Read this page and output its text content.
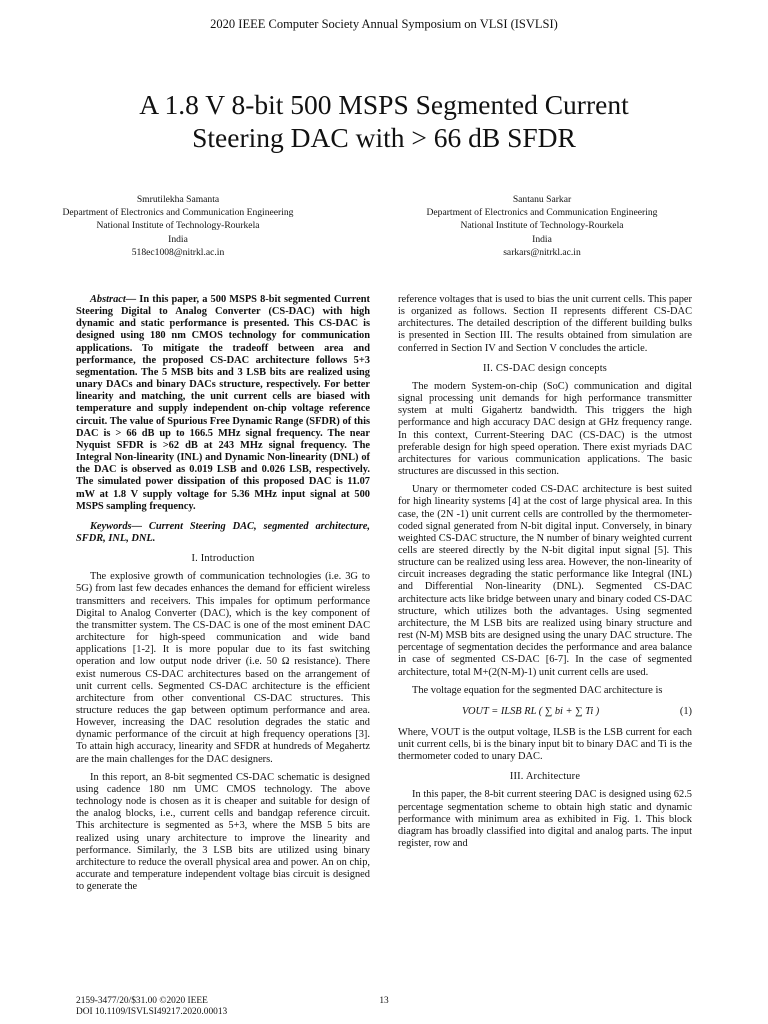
2020 IEEE Computer Society Annual Symposium on VLSI (ISVLSI)
A 1.8 V 8-bit 500 MSPS Segmented Current
Steering DAC with > 66 dB SFDR
Smrutilekha Samanta
Department of Electronics and Communication Engineering
National Institute of Technology-Rourkela
India
518ec1008@nitrkl.ac.in
Santanu Sarkar
Department of Electronics and Communication Engineering
National Institute of Technology-Rourkela
India
sarkars@nitrkl.ac.in

Abstract— In this paper, a 500 MSPS 8-bit segmented Current Steering Digital to Analog Converter (CS-DAC) with high dynamic and static performance is presented. This CS-DAC is designed using 180 nm CMOS technology for communication applications. To mitigate the tradeoff between area and performance, the proposed CS-DAC architecture follows 5+3 segmentation. The 5 MSB bits and 3 LSB bits are realized using unary DACs and binary DACs structure, respectively. For better linearity and matching, the unit current cells are biased with temperature and supply independent on-chip voltage reference circuit. The value of Spurious Free Dynamic Range (SFDR) of this DAC is > 66 dB up to 166.5 MHz signal frequency. The near Nyquist SFDR is >62 dB at 243 MHz signal frequency. The Integral Non-linearity (INL) and Dynamic Non-linearity (DNL) of the DAC is observed as 0.019 LSB and 0.026 LSB, respectively. The simulated power dissipation of this proposed DAC is 11.07 mW at 1.8 V supply voltage for 5.36 MHz input signal at 500 MSPS sampling frequency.

Keywords— Current Steering DAC, segmented architecture, SFDR, INL, DNL.

I. Introduction

The explosive growth of communication technologies (i.e. 3G to 5G) from last few decades enhances the demand for efficient wireless transmitters and receivers. This impales for optimum performance Digital to Analog Converter (DAC), which is the key component of the transmitter system. The CS-DAC is one of the most eminent DAC architecture for high-speed communication and wide band applications [1-2]. It is more popular due to its fast switching operation and low output node driver (i.e. 50 Ω resistance). There exist numerous CS-DAC architectures based on the arrangement of unit current cells. Segmented CS-DAC architecture is the efficient architecture from other conventional CS-DAC structures. This structure reduces the gap between optimum performance and area. However, increasing the DAC resolution degrades the static and dynamic performance of the circuit at high frequency operations [3]. To attain high accuracy, linearity and SFDR at hundreds of Megahertz are the main challenges for the DAC designers.

In this report, an 8-bit segmented CS-DAC schematic is designed using cadence 180 nm UMC CMOS technology. The above technology node is chosen as it is cheaper and suitable for design of the analog blocks, i.e., current cells and bandgap reference circuit. This architecture is segmented as 5+3, where the MSB 5 bits are realized using unary architecture to improve the linearity and performance. Similarly, the 3 LSB bits are utilized using binary architecture to reduce the overall physical area and power. An on chip, accurate and temperature independent voltage bias circuit is designed to generate the

reference voltages that is used to bias the unit current cells. This paper is organized as follows. Section II represents different CS-DAC architectures. The detailed description of the different building bulks is presented in Section III. The results obtained from simulation are conferred in Section IV and Section V concludes the article.

II. CS-DAC design concepts

The modern System-on-chip (SoC) communication and digital signal processing unit demands for high performance transmitter system at multi Gigahertz bandwidth. This triggers the high performance and high accuracy DAC design at GHz frequency range. In this context, Current-Steering DAC (CS-DAC) is the utmost preferable design for high speed operation. There exist myriads DAC architectures for various communication applications. The basic structures are discussed in this section.

Unary or thermometer coded CS-DAC architecture is best suited for high linearity systems [4] at the cost of large physical area. In this case, the (2N -1) unit current cells are controlled by the thermometer-coded signal generated from N-bit digital input. Conversely, in binary weighted CS-DAC structure, the N number of binary weighted current cells are steered directly by the N-bit digital input signal [5]. This structure can be realized using less area. However, the non-linearity of circuit increases degrading the static performance like Integral (INL) and Differential Non-linearity (DNL). Segmented CS-DAC architecture acts like bridge between unary and binary coded CS-DAC structure, which utilizes both the advantages. Using segmented architecture, the M LSB bits are realized using binary structure and rest (N-M) MSB bits are designed using the unary DAC structure. The percentage of segmentation decides the performance and area balance in case of segmented CS-DAC [6-7]. In the case of segmented architecture, total M+(2(N-M)-1) unit current cells are used.

The voltage equation for the segmented DAC architecture is

VOUT = ILSB RL ( ∑ bi + ∑ Ti )	(1)

Where, VOUT is the output voltage, ILSB is the LSB current for each unit current cells, bi is the binary input bit to binary DAC and Ti is the thermometer coded to unary DAC.

III. Architecture

In this paper, the 8-bit current steering DAC is designed using 62.5 percentage segmentation scheme to obtain high static and dynamic performance with minimum area as exhibited in Fig. 1. This block diagram has broadly classified into digital and analog parts. The input register, row and

2159-3477/20/$31.00 ©2020 IEEE
DOI 10.1109/ISVLSI49217.2020.00013
13
